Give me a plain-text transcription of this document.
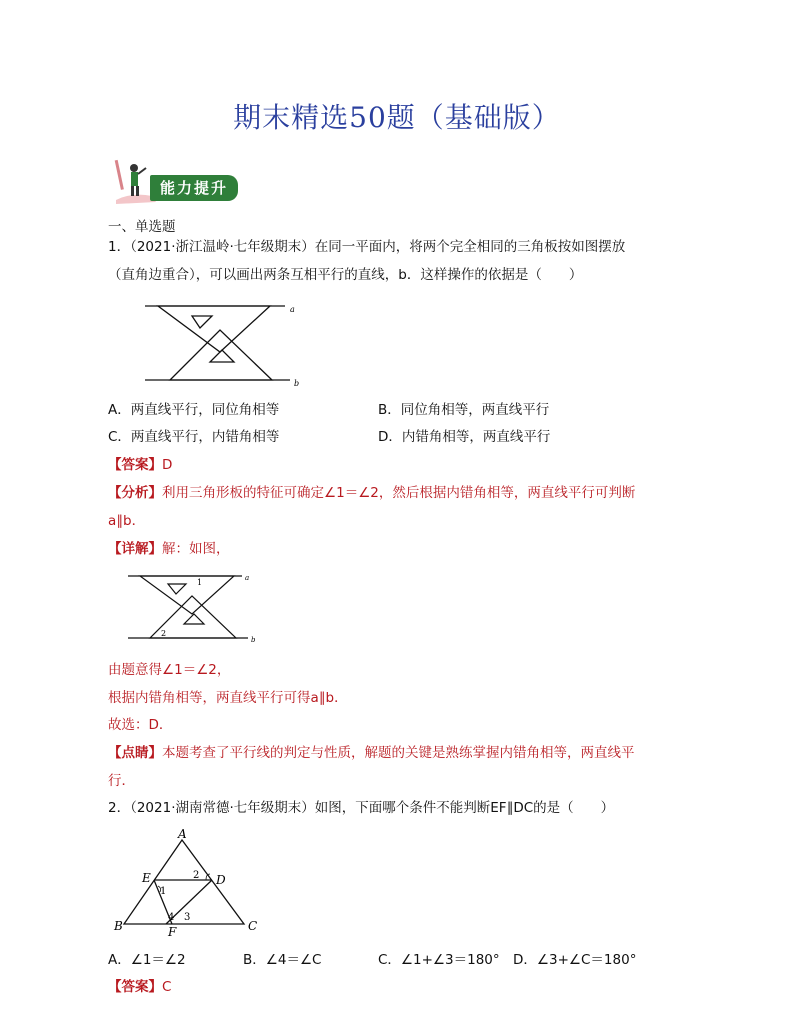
期末精选50题（基础版）
能力提升
一、单选题
1．（2021·浙江温岭·七年级期末）在同一平面内，将两个完全相同的三角板按如图摆放
（直角边重合），可以画出两条互相平行的直线，b．这样操作的依据是（　　）
a
b
A．两直线平行，同位角相等	B．同位角相等，两直线平行
C．两直线平行，内错角相等	D．内错角相等，两直线平行
【答案】D
【分析】利用三角形板的特征可确定∠1＝∠2，然后根据内错角相等，两直线平行可判断
a∥b．
【详解】解：如图，
1
2
a
b
由题意得∠1＝∠2，
根据内错角相等，两直线平行可得a∥b．
故选：D．
【点睛】本题考查了平行线的判定与性质，解题的关键是熟练掌握内错角相等，两直线平
行．
2．（2021·湖南常德·七年级期末）如图，下面哪个条件不能判断EF∥DC的是（　　）
A
B	C
D
E
F
1
2
3
4
A．∠1＝∠2	B．∠4＝∠C	C．∠1+∠3＝180° D．∠3+∠C＝180°
【答案】C
